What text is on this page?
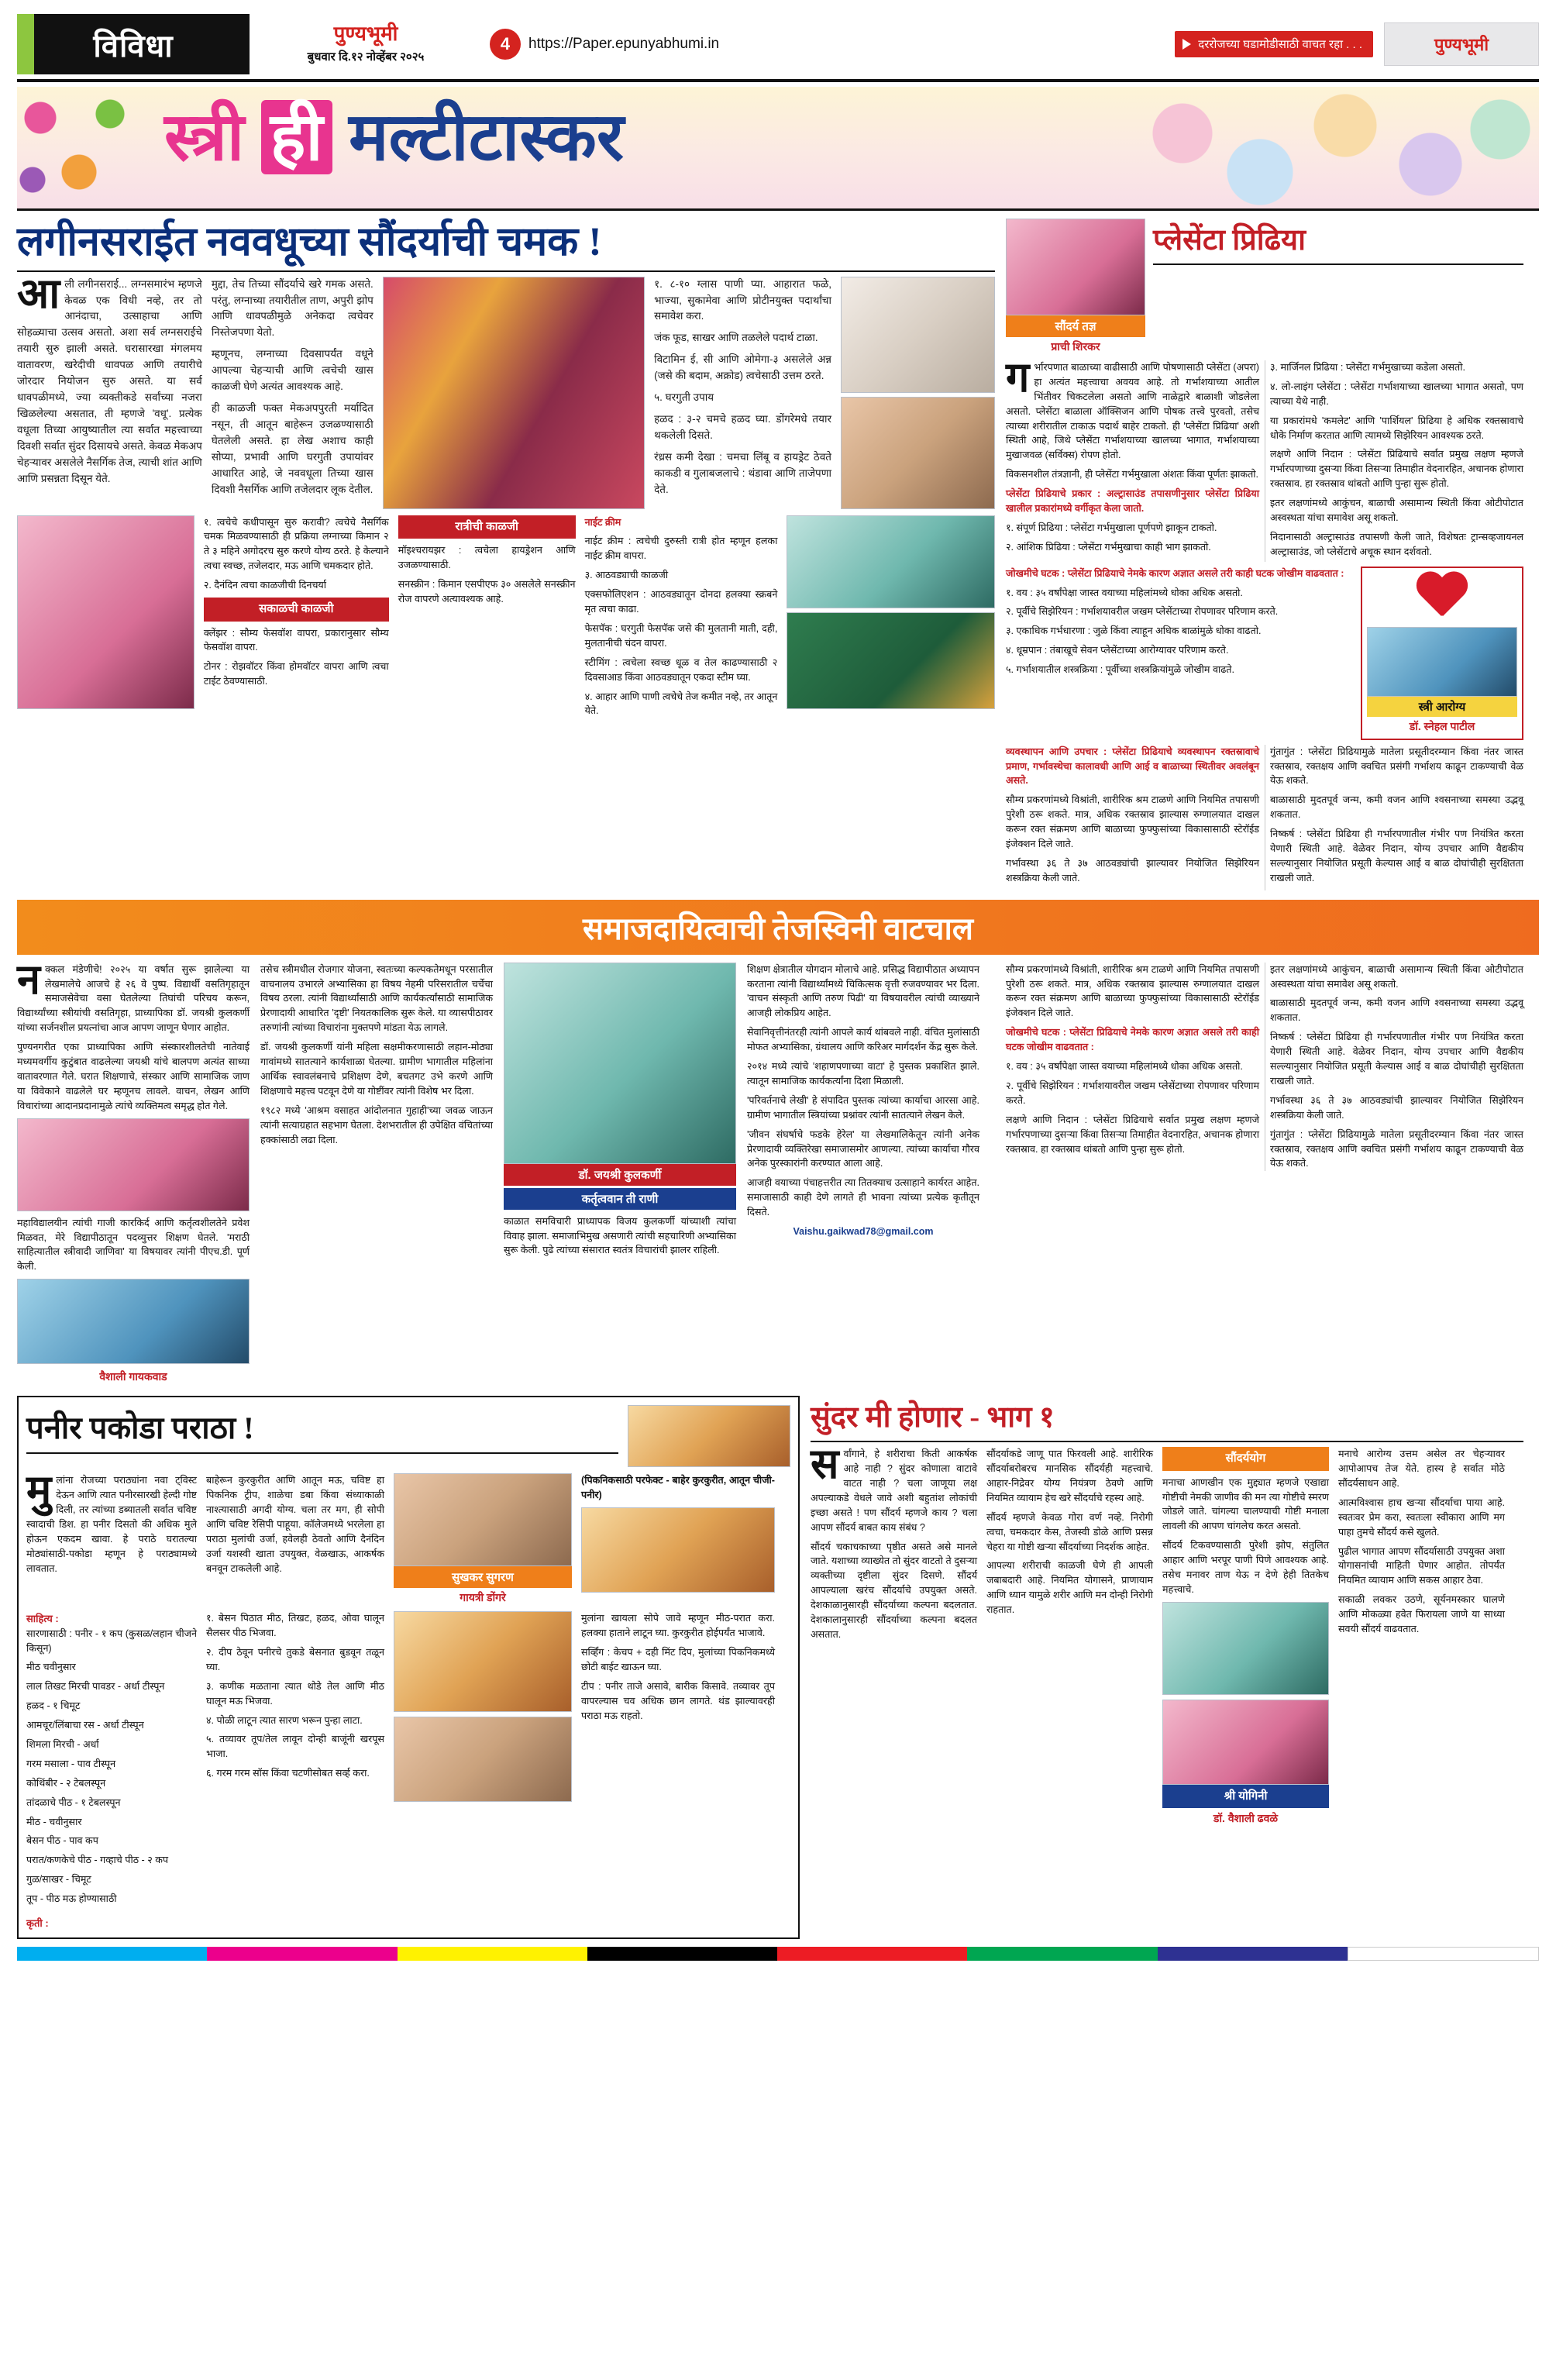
विविधा	पुण्यभूमी
बुधवार दि.१२ नोव्हेंबर २०२५
4	https://Paper.epunyabhumi.in	दररोजच्या घडामोडीसाठी वाचत रहा . . .	पुण्यभूमी
स्त्री ही मल्टीटास्कर
लगीनसराईत नववधूच्या सौंदर्याची चमक !

आली लगीनसराई... लग्नसमारंभ म्हणजे केवळ एक विधी नव्हे, तर तो आनंदाचा, उत्साहाचा आणि सोहळ्याचा उत्सव असतो. अशा सर्व लग्नसराईचे तयारी सुरु झाली असते. घरासारखा मंगलमय वातावरण, खरेदीची धावपळ आणि तयारीचे जोरदार नियोजन सुरु असते. या सर्व धावपळीमध्ये, ज्या व्यक्तीकडे सर्वांच्या नजरा खिळलेल्या असतात, ती म्हणजे 'वधू'. प्रत्येक वधूला तिच्या आयुष्यातील त्या सर्वात महत्त्वाच्या दिवशी सर्वात सुंदर दिसायचे असते. केवळ मेकअप चेहऱ्यावर असलेले नैसर्गिक तेज, त्याची शांत आणि आणि प्रसन्नता दिसून येते.

मुद्दा, तेच तिच्या सौंदर्याचे खरे गमक असते. परंतु, लग्नाच्या तयारीतील ताण, अपुरी झोप आणि धावपळीमुळे अनेकदा त्वचेवर निस्तेजपणा येतो.

म्हणूनच, लग्नाच्या दिवसापर्यंत वधूने आपल्या चेहऱ्याची आणि त्वचेची खास काळजी घेणे अत्यंत आवश्यक आहे.

ही काळजी फक्त मेकअपपुरती मर्यादित नसून, ती आतून बाहेरून उजळण्यासाठी घेतलेली असते. हा लेख अशाच काही सोप्या, प्रभावी आणि घरगुती उपायांवर आधारित आहे, जे नववधूला तिच्या खास दिवशी नैसर्गिक आणि तजेलदार लूक देतील.

१. ८-१० ग्लास पाणी प्या. आहारात फळे, भाज्या, सुकामेवा आणि प्रोटीनयुक्त पदार्थांचा समावेश करा.

जंक फूड, साखर आणि तळलेले पदार्थ टाळा.

विटामिन ई, सी आणि ओमेगा-३ असलेले अन्न (जसे की बदाम, अक्रोड) त्वचेसाठी उत्तम ठरते.

५. घरगुती उपाय

हळद : ३-२ चमचे हळद घ्या. डोंगरेमधे तयार थकलेली दिसते.

रंध्रस कमी देखा : चमचा लिंबू व हायड्रेट ठेवते काकडी व गुलाबजलाचे : थंडावा आणि ताजेपणा देते.

१. त्वचेचे कधीपासून सुरु करावी? त्वचेचे नैसर्गिक चमक मिळवण्यासाठी ही प्रक्रिया लग्नाच्या किमान २ ते ३ महिने अगोदरच सुरु करणे योग्य ठरते. हे केल्याने त्वचा स्वच्छ, तजेलदार, मऊ आणि चमकदार होते.

२. दैनंदिन त्वचा काळजीची दिनचर्या

सकाळची काळजी

क्लेंझर : सौम्य फेसवॉश वापरा, प्रकारानुसार सौम्य फेसवॉश वापरा.

टोनर : रोझवॉटर किंवा होमवॉटर वापरा आणि त्वचा टाईट ठेवण्यासाठी.

रात्रीची काळजी

मॉइश्चरायझर : त्वचेला हायड्रेशन आणि उजळण्यासाठी.

सनस्क्रीन : किमान एसपीएफ ३० असलेले सनस्क्रीन रोज वापरणे अत्यावश्यक आहे.

नाईट क्रीम

नाईट क्रीम : त्वचेची दुरुस्ती रात्री होत म्हणून हलका नाईट क्रीम वापरा.

३. आठवड्याची काळजी

एक्सफोलिएशन : आठवड्यातून दोनदा हलक्या स्क्रबने मृत त्वचा काढा.

फेसपॅक : घरगुती फेसपॅक जसे की मुलतानी माती, दही, मुलतानीची चंदन वापरा.

स्टीमिंग : त्वचेला स्वच्छ धूळ व तेल काढण्यासाठी २ दिवसाआड किंवा आठवड्यातून एकदा स्टीम घ्या.

४. आहार आणि पाणी त्वचेचे तेज कमीत नव्हे, तर आतून येते.

सौंदर्य तज्ञ
प्राची शिरकर
प्लेसेंटा प्रिढिया

गर्भारपणात बाळाच्या वाढीसाठी आणि पोषणासाठी प्लेसेंटा (अपरा) हा अत्यंत महत्त्वाचा अवयव आहे. तो गर्भाशयाच्या आतील भिंतीवर चिकटलेला असतो आणि नाळेद्वारे बाळाशी जोडलेला असतो. प्लेसेंटा बाळाला ऑक्सिजन आणि पोषक तत्त्वे पुरवतो, तसेच त्याच्या शरीरातील टाकाऊ पदार्थ बाहेर टाकतो. ही 'प्लेसेंटा प्रिढिया' अशी स्थिती आहे, जिथे प्लेसेंटा गर्भाशयाच्या खालच्या भागात, गर्भाशयाच्या मुखाजवळ (सर्विक्स) रोपण होतो.

विकसनशील तंत्रज्ञानी, ही प्लेसेंटा गर्भमुखाला अंशतः किंवा पूर्णतः झाकतो.

प्लेसेंटा प्रिढियाचे प्रकार : अल्ट्रासाउंड तपासणीनुसार प्लेसेंटा प्रिढिया खालील प्रकारांमध्ये वर्गीकृत केला जातो.

१. संपूर्ण प्रिढिया : प्लेसेंटा गर्भमुखाला पूर्णपणे झाकून टाकतो.

२. आंशिक प्रिढिया : प्लेसेंटा गर्भमुखाचा काही भाग झाकतो.

३. मार्जिनल प्रिढिया : प्लेसेंटा गर्भमुखाच्या कडेला असतो.

४. लो-लाइंग प्लेसेंटा : प्लेसेंटा गर्भाशयाच्या खालच्या भागात असतो, पण त्याच्या येथे नाही.

या प्रकारांमधे 'कमलेट' आणि 'पार्शियल' प्रिढिया हे अधिक रक्तस्रावाचे धोके निर्माण करतात आणि त्यामध्ये सिझेरियन आवश्यक ठरते.

लक्षणे आणि निदान : प्लेसेंटा प्रिढियाचे सर्वात प्रमुख लक्षण म्हणजे गर्भारपणाच्या दुसऱ्या किंवा तिसऱ्या तिमाहीत वेदनारहित, अचानक होणारा रक्तस्राव. हा रक्तस्राव थांबतो आणि पुन्हा सुरू होतो.

इतर लक्षणांमध्ये आकुंचन, बाळाची असामान्य स्थिती किंवा ओटीपोटात अस्वस्थता यांचा समावेश असू शकतो.

निदानासाठी अल्ट्रासाउंड तपासणी केली जाते, विशेषतः ट्रान्सव्हजायनल अल्ट्रासाउंड, जो प्लेसेंटाचे अचूक स्थान दर्शवतो.

जोखमीचे घटक : प्लेसेंटा प्रिढियाचे नेमके कारण अज्ञात असले तरी काही घटक जोखीम वाढवतात :

१. वय : ३५ वर्षांपेक्षा जास्त वयाच्या महिलांमध्ये धोका अधिक असतो.

२. पूर्वीचे सिझेरियन : गर्भाशयावरील जखम प्लेसेंटाच्या रोपणावर परिणाम करते.

३. एकाधिक गर्भधारणा : जुळे किंवा त्याहून अधिक बाळांमुळे धोका वाढतो.

४. धूम्रपान : तंबाखूचे सेवन प्लेसेंटाच्या आरोग्यावर परिणाम करते.

५. गर्भाशयातील शस्त्रक्रिया : पूर्वीच्या शस्त्रक्रियांमुळे जोखीम वाढते.

स्त्री आरोग्य
डॉ. स्नेहल पाटील

व्यवस्थापन आणि उपचार : प्लेसेंटा प्रिढियाचे व्यवस्थापन रक्तस्रावाचे प्रमाण, गर्भावस्थेचा कालावधी आणि आई व बाळाच्या स्थितीवर अवलंबून असते.

सौम्य प्रकरणांमध्ये विश्रांती, शारीरिक श्रम टाळणे आणि नियमित तपासणी पुरेशी ठरू शकते. मात्र, अधिक रक्तस्राव झाल्यास रुग्णालयात दाखल करून रक्त संक्रमण आणि बाळाच्या फुफ्फुसांच्या विकासासाठी स्टेरॉईड इंजेक्शन दिले जाते.

गर्भावस्था ३६ ते ३७ आठवड्यांची झाल्यावर नियोजित सिझेरियन शस्त्रक्रिया केली जाते.

गुंतागुंत : प्लेसेंटा प्रिढियामुळे मातेला प्रसूतीदरम्यान किंवा नंतर जास्त रक्तस्राव, रक्तक्षय आणि क्वचित प्रसंगी गर्भाशय काढून टाकण्याची वेळ येऊ शकते.

बाळासाठी मुदतपूर्व जन्म, कमी वजन आणि श्वसनाच्या समस्या उद्भवू शकतात.

निष्कर्ष : प्लेसेंटा प्रिढिया ही गर्भारपणातील गंभीर पण नियंत्रित करता येणारी स्थिती आहे. वेळेवर निदान, योग्य उपचार आणि वैद्यकीय सल्ल्यानुसार नियोजित प्रसूती केल्यास आई व बाळ दोघांचीही सुरक्षितता राखली जाते.

समाजदायित्वाची तेजस्विनी वाटचाल

नक्कल मंडेणीचे! २०२५ या वर्षात सुरू झालेल्या या लेखमालेचे आजचे हे २६ वे पुष्प. विद्यार्थी वसतिगृहातून समाजसेवेचा वसा घेतलेल्या तिघांची परिचय करून, विद्यार्थ्यांच्या स्त्रीयांची वसतिगृहा, प्राध्यापिका डॉ. जयश्री कुलकर्णी यांच्या सर्जनशील प्रयत्नांचा आज आपण जाणून घेणार आहोत.

पुण्यनगरीत एका प्राध्यापिका आणि संस्कारशीलतेची नातेवाई मध्यमवर्गीय कुटुंबात वाढलेल्या जयश्री यांचे बालपण अत्यंत साध्या वातावरणात गेले. घरात शिक्षणाचे, संस्कार आणि सामाजिक जाण या विवेकाने वाढलेले घर म्हणूनच लावले. वाचन, लेखन आणि विचारांच्या आदानप्रदानामुळे त्यांचे व्यक्तिमत्व समृद्ध होत गेले.

महाविद्यालयीन त्यांची गाजी कारकिर्द आणि कर्तृत्वशीलतेने प्रवेश मिळवत, मेरे विद्यापीठातून पदव्युत्तर शिक्षण घेतले. 'मराठी साहित्यातील स्त्रीवादी जाणिवा' या विषयावर त्यांनी पीएच.डी. पूर्ण केली.

वैशाली गायकवाड

तसेच स्त्रीमधील रोजगार योजना, स्वतःच्या कल्पकतेमधून परसातील वाचनालय उभारले अभ्यासिका हा विषय नेहमी परिसरातील चर्चेचा विषय ठरला. त्यांनी विद्यार्थ्यांसाठी आणि कार्यकर्त्यांसाठी सामाजिक प्रेरणादायी आधारित 'दृष्टी' नियतकालिक सुरू केले. या व्यासपीठावर तरुणांनी त्यांच्या विचारांना मुक्तपणे मांडता येऊ लागले.

डॉ. जयश्री कुलकर्णी यांनी महिला सक्षमीकरणासाठी लहान-मोठ्या गावांमध्ये सातत्याने कार्यशाळा घेतल्या. ग्रामीण भागातील महिलांना आर्थिक स्वावलंबनाचे प्रशिक्षण देणे, बचतगट उभे करणे आणि शिक्षणाचे महत्त्व पटवून देणे या गोष्टींवर त्यांनी विशेष भर दिला.

१९८२ मध्ये 'आश्रम वसाहत आंदोलनात गुहाही'च्या जवळ जाऊन त्यांनी सत्याग्रहात सहभाग घेतला. देशभरातील ही उपेक्षित वंचितांच्या हक्कांसाठी लढा दिला.

डॉ. जयश्री कुलकर्णी
कर्तृत्ववान ती राणी

काळात समविचारी प्राध्यापक विजय कुलकर्णी यांच्याशी त्यांचा विवाह झाला. समाजाभिमुख असणारी त्यांची सहचारिणी अभ्यासिका सुरू केली. पुढे त्यांच्या संसारात स्वतंत्र विचारांची झालर राहिली.

शिक्षण क्षेत्रातील योगदान मोलाचे आहे. प्रसिद्ध विद्यापीठात अध्यापन करताना त्यांनी विद्यार्थ्यांमध्ये चिकित्सक वृत्ती रुजवण्यावर भर दिला. 'वाचन संस्कृती आणि तरुण पिढी' या विषयावरील त्यांची व्याख्याने आजही लोकप्रिय आहेत.

सेवानिवृत्तीनंतरही त्यांनी आपले कार्य थांबवले नाही. वंचित मुलांसाठी मोफत अभ्यासिका, ग्रंथालय आणि करिअर मार्गदर्शन केंद्र सुरू केले.

२०१४ मध्ये त्यांचे 'शहाणपणाच्या वाटा' हे पुस्तक प्रकाशित झाले. त्यातून सामाजिक कार्यकर्त्यांना दिशा मिळाली.

'परिवर्तनाचे लेखी' हे संपादित पुस्तक त्यांच्या कार्याचा आरसा आहे. ग्रामीण भागातील स्त्रियांच्या प्रश्नांवर त्यांनी सातत्याने लेखन केले.

'जीवन संघर्षाचे फडके हेरेल' या लेखमालिकेतून त्यांनी अनेक प्रेरणादायी व्यक्तिरेखा समाजासमोर आणल्या. त्यांच्या कार्याचा गौरव अनेक पुरस्कारांनी करण्यात आला आहे.

आजही वयाच्या पंचाहत्तरीत त्या तितक्याच उत्साहाने कार्यरत आहेत. समाजासाठी काही देणे लागते ही भावना त्यांच्या प्रत्येक कृतीतून दिसते.

Vaishu.gaikwad78@gmail.com

सौम्य प्रकरणांमध्ये विश्रांती, शारीरिक श्रम टाळणे आणि नियमित तपासणी पुरेशी ठरू शकते. मात्र, अधिक रक्तस्राव झाल्यास रुग्णालयात दाखल करून रक्त संक्रमण आणि बाळाच्या फुफ्फुसांच्या विकासासाठी स्टेरॉईड इंजेक्शन दिले जाते.

जोखमीचे घटक : प्लेसेंटा प्रिढियाचे नेमके कारण अज्ञात असले तरी काही घटक जोखीम वाढवतात :

१. वय : ३५ वर्षांपेक्षा जास्त वयाच्या महिलांमध्ये धोका अधिक असतो.

२. पूर्वीचे सिझेरियन : गर्भाशयावरील जखम प्लेसेंटाच्या रोपणावर परिणाम करते.

लक्षणे आणि निदान : प्लेसेंटा प्रिढियाचे सर्वात प्रमुख लक्षण म्हणजे गर्भारपणाच्या दुसऱ्या किंवा तिसऱ्या तिमाहीत वेदनारहित, अचानक होणारा रक्तस्राव. हा रक्तस्राव थांबतो आणि पुन्हा सुरू होतो.

इतर लक्षणांमध्ये आकुंचन, बाळाची असामान्य स्थिती किंवा ओटीपोटात अस्वस्थता यांचा समावेश असू शकतो.

बाळासाठी मुदतपूर्व जन्म, कमी वजन आणि श्वसनाच्या समस्या उद्भवू शकतात.

निष्कर्ष : प्लेसेंटा प्रिढिया ही गर्भारपणातील गंभीर पण नियंत्रित करता येणारी स्थिती आहे. वेळेवर निदान, योग्य उपचार आणि वैद्यकीय सल्ल्यानुसार नियोजित प्रसूती केल्यास आई व बाळ दोघांचीही सुरक्षितता राखली जाते.

गर्भावस्था ३६ ते ३७ आठवड्यांची झाल्यावर नियोजित सिझेरियन शस्त्रक्रिया केली जाते.

गुंतागुंत : प्लेसेंटा प्रिढियामुळे मातेला प्रसूतीदरम्यान किंवा नंतर जास्त रक्तस्राव, रक्तक्षय आणि क्वचित प्रसंगी गर्भाशय काढून टाकण्याची वेळ येऊ शकते.

पनीर पकोडा पराठा !

मुलांना रोजच्या पराठ्यांना नवा ट्विस्ट देऊन आणि त्यात पनीरसारखी हेल्दी गोष्ट दिली, तर त्यांच्या डब्यातली सर्वात चविष्ट स्वादाची डिश. हा पनीर दिसतो की अधिक मुले होऊन एकदम खावा. हे पराठे घरातल्या मोठ्यांसाठी-पकोडा म्हणून हे पराठ्यामध्ये लावतात.

बाहेरून कुरकुरीत आणि आतून मऊ, चविष्ट हा पिकनिक ट्रीप, शाळेचा डबा किंवा संध्याकाळी नाश्त्यासाठी अगदी योग्य. चला तर मग, ही सोपी आणि चविष्ट रेसिपी पाहूया. कॉलेजमध्ये भरलेला हा पराठा मुलांची उर्जा, हवेलही ठेवतो आणि दैनंदिन उर्जा यशस्वी खाता उपयुक्त, वेळखाऊ, आकर्षक बनवून टाकलेली आहे.

सुखकर सुगरण
गायत्री डोंगरे

(पिकनिकसाठी परफेक्ट - बाहेर कुरकुरीत, आतून चीजी-पनीर)

साहित्य :

सारणासाठी : पनीर - १ कप (कुसळ/लहान चीजने किसून)

मीठ चवीनुसार

लाल तिखट मिरची पावडर - अर्धा टीस्पून

हळद - १ चिमूट

आमचूर/लिंबाचा रस - अर्धा टीस्पून

शिमला मिरची - अर्धा

गरम मसाला - पाव टीस्पून

कोथिंबीर - २ टेबलस्पून

तांदळाचे पीठ - १ टेबलस्पून

मीठ - चवीनुसार

बेसन पीठ - पाव कप

परात/कणकेचे पीठ - गव्हाचे पीठ - २ कप

गुळ/साखर - चिमूट

तूप - पीठ मऊ होण्यासाठी

१. बेसन पिठात मीठ, तिखट, हळद, ओवा घालून सैलसर पीठ भिजवा.

२. दीप ठेवून पनीरचे तुकडे बेसनात बुडवून तळून घ्या.

३. कणीक मळताना त्यात थोडे तेल आणि मीठ घालून मऊ भिजवा.

४. पोळी लाटून त्यात सारण भरून पुन्हा लाटा.

५. तव्यावर तूप/तेल लावून दोन्ही बाजूंनी खरपूस भाजा.

६. गरम गरम सॉस किंवा चटणीसोबत सर्व्ह करा.

मुलांना खायला सोपे जावे म्हणून मीठ-परात करा. हलक्या हाताने लाटून घ्या. कुरकुरीत होईपर्यंत भाजावे.

सर्व्हिंग : केचप + दही मिंट दिप, मुलांच्या पिकनिकमध्ये छोटी बाईट खाऊन घ्या.

टीप : पनीर ताजे असावे, बारीक किसावे. तव्यावर तूप वापरल्यास चव अधिक छान लागते. थंड झाल्यावरही पराठा मऊ राहतो.

कृती :
सुंदर मी होणार - भाग १

सर्वांगाने, हे शरीराचा किती आकर्षक आहे नाही ? सुंदर कोणाला वाटावे वाटत नाही ? चला जाणूया लक्ष अपल्याकडे वेधले जावे अशी बहुतांश लोकांची इच्छा असते ! पण सौंदर्य म्हणजे काय ? चला आपण सौंदर्य बाबत काय संबंध ?

सौंदर्य चकाचकाच्या पृष्ठीत असते असे मानले जाते. यशाच्या व्याख्येत तो सुंदर वाटतो ते दुसऱ्या व्यक्तीच्या दृष्टीला सुंदर दिसणे. सौंदर्य आपल्याला खरंच सौंदर्याचे उपयुक्त असते. देशकाळानुसारही सौंदर्याच्या कल्पना बदलतात. देशकालानुसारही सौंदर्याच्या कल्पना बदलत असतात.

सौंदर्याकडे जाणू पात फिरवली आहे. शारीरिक सौंदर्याबरोबरच मानसिक सौंदर्यही महत्त्वाचे. आहार-निद्रेवर योग्य नियंत्रण ठेवणे आणि नियमित व्यायाम हेच खरे सौंदर्याचे रहस्य आहे.

सौंदर्य म्हणजे केवळ गोरा वर्ण नव्हे. निरोगी त्वचा, चमकदार केस, तेजस्वी डोळे आणि प्रसन्न चेहरा या गोष्टी खऱ्या सौंदर्याच्या निदर्शक आहेत.

आपल्या शरीराची काळजी घेणे ही आपली जबाबदारी आहे. नियमित योगासने, प्राणायाम आणि ध्यान यामुळे शरीर आणि मन दोन्ही निरोगी राहतात.

सौंदर्ययोग

मनाचा आणखीन एक मुद्द्यात म्हणजे एखाद्या गोष्टीची नेमकी जाणीव की मन त्या गोष्टीचे स्मरण जोडले जाते. चांगल्या चालण्याची गोष्टी मनाला लावली की आपण चांगलेच करत असतो.

सौंदर्य टिकवण्यासाठी पुरेशी झोप, संतुलित आहार आणि भरपूर पाणी पिणे आवश्यक आहे. तसेच मनावर ताण येऊ न देणे हेही तितकेच महत्त्वाचे.

श्री योगिनी
डॉ. वैशाली ढवळे

मनाचे आरोग्य उत्तम असेल तर चेहऱ्यावर आपोआपच तेज येते. हास्य हे सर्वात मोठे सौंदर्यसाधन आहे.

आत्मविश्वास हाच खऱ्या सौंदर्याचा पाया आहे. स्वतःवर प्रेम करा, स्वतःला स्वीकारा आणि मग पाहा तुमचे सौंदर्य कसे खुलते.

पुढील भागात आपण सौंदर्यासाठी उपयुक्त अशा योगासनांची माहिती घेणार आहोत. तोपर्यंत नियमित व्यायाम आणि सकस आहार ठेवा.

सकाळी लवकर उठणे, सूर्यनमस्कार घालणे आणि मोकळ्या हवेत फिरायला जाणे या साध्या सवयी सौंदर्य वाढवतात.
